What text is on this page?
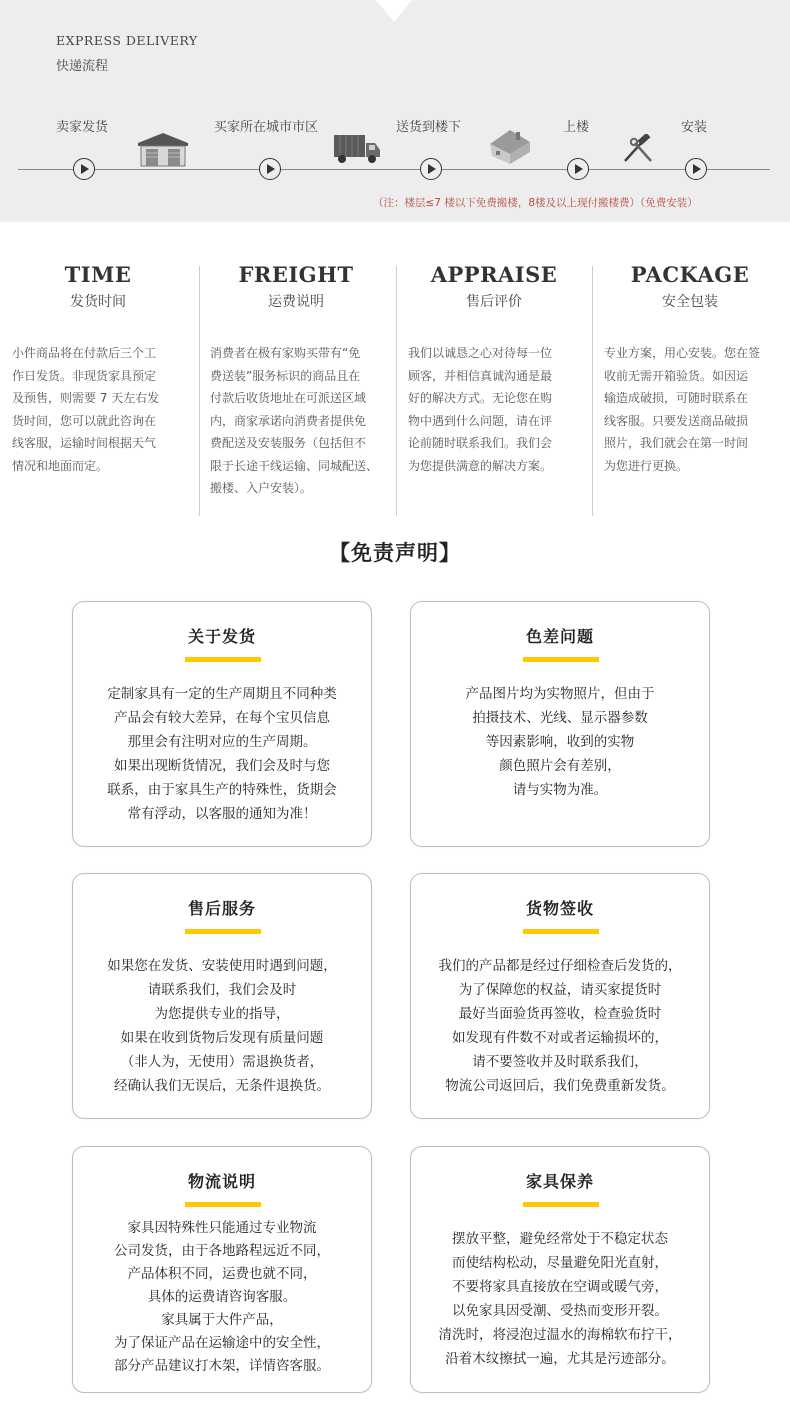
EXPRESS DELIVERY
快递流程
卖家发货	买家所在城市市区	送货到楼下	上楼	安装
（注：楼层≤7 楼以下免费搬楼，8楼及以上现付搬楼费）（免费安装）
TIME
发货时间
小件商品将在付款后三个工
作日发货。非现货家具预定
及预售，则需要 7 天左右发
货时间，您可以就此咨询在
线客服，运输时间根据天气
情况和地面而定。
FREIGHT
运费说明
消费者在极有家购买带有“免
费送装”服务标识的商品且在
付款后收货地址在可派送区域
内，商家承诺向消费者提供免
费配送及安装服务（包括但不
限于长途干线运输、同城配送、
搬楼、入户安装）。
APPRAISE
售后评价
我们以诚恳之心对待每一位
顾客，并相信真诚沟通是最
好的解决方式。无论您在购
物中遇到什么问题，请在评
论前随时联系我们。我们会
为您提供满意的解决方案。
PACKAGE
安全包装
专业方案，用心安装。您在签
收前无需开箱验货。如因运
输造成破损，可随时联系在
线客服。只要发送商品破损
照片，我们就会在第一时间
为您进行更换。
【免责声明】
关于发货
定制家具有一定的生产周期且不同种类
产品会有较大差异，在每个宝贝信息
那里会有注明对应的生产周期。
如果出现断货情况，我们会及时与您
联系，由于家具生产的特殊性，货期会
常有浮动，以客服的通知为准！
色差问题
产品图片均为实物照片，但由于
拍摄技术、光线、显示器参数
等因素影响，收到的实物
颜色照片会有差别，
请与实物为准。
售后服务
如果您在发货、安装使用时遇到问题，
请联系我们，我们会及时
为您提供专业的指导，
如果在收到货物后发现有质量问题
（非人为，无使用）需退换货者，
经确认我们无误后，无条件退换货。
货物签收
我们的产品都是经过仔细检查后发货的，
为了保障您的权益，请买家提货时
最好当面验货再签收，检查验货时
如发现有件数不对或者运输损坏的，
请不要签收并及时联系我们，
物流公司返回后，我们免费重新发货。
物流说明
家具因特殊性只能通过专业物流
公司发货，由于各地路程远近不同，
产品体积不同，运费也就不同，
具体的运费请咨询客服。
家具属于大件产品，
为了保证产品在运输途中的安全性，
部分产品建议打木架，详情咨客服。
家具保养
摆放平整，避免经常处于不稳定状态
而使结构松动，尽量避免阳光直射，
不要将家具直接放在空调或暖气旁，
以免家具因受潮、受热而变形开裂。
清洗时，将浸泡过温水的海棉软布拧干，
沿着木纹擦拭一遍，尤其是污迹部分。
